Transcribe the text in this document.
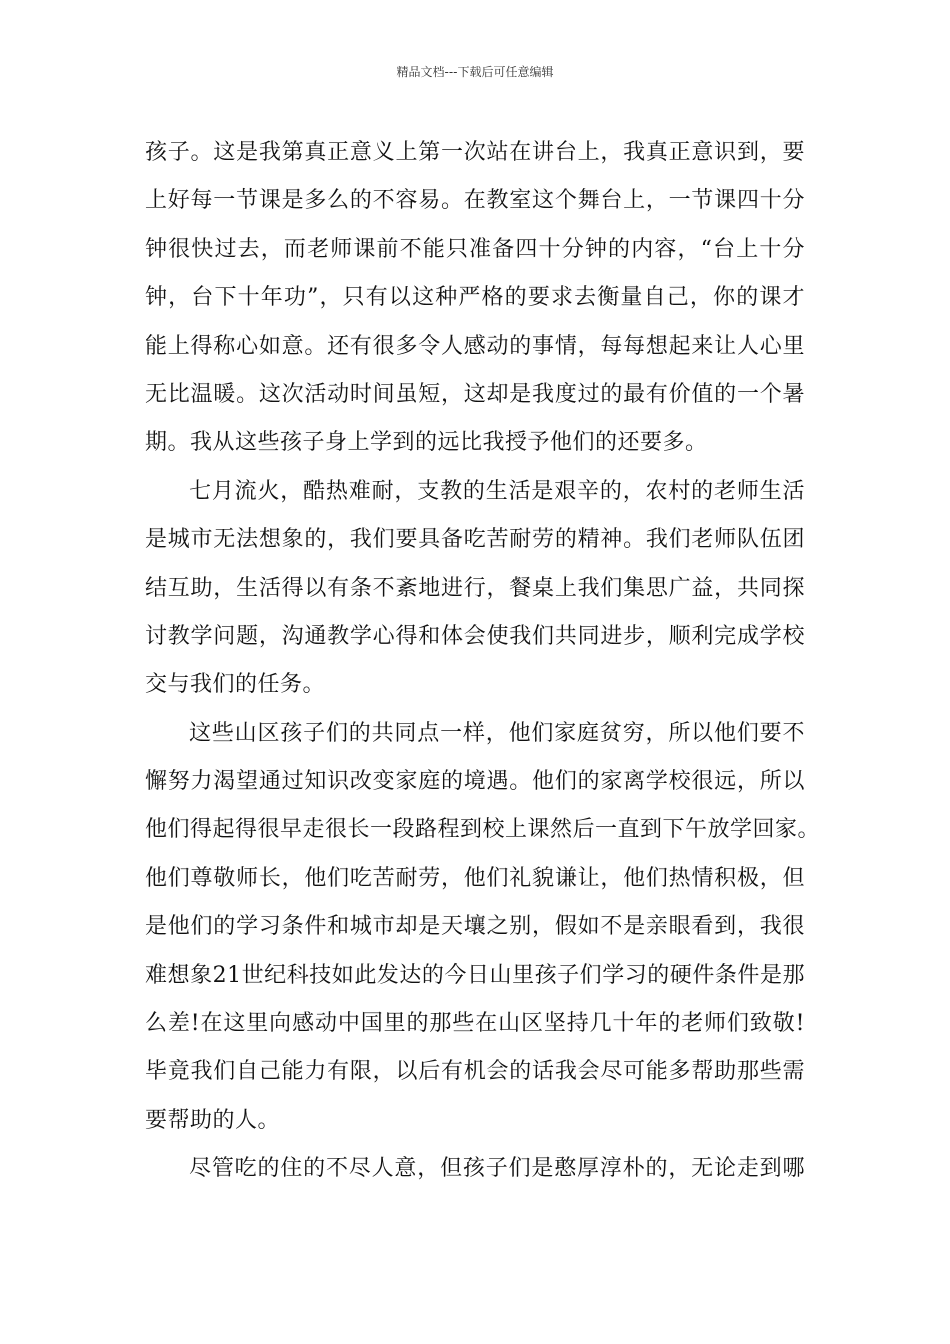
精品文档---下载后可任意编辑
孩子。这是我第真正意义上第一次站在讲台上，我真正意识到，要
上好每一节课是多么的不容易。在教室这个舞台上，一节课四十分
钟很快过去，而老师课前不能只准备四十分钟的内容，“台上十分
钟，台下十年功”，只有以这种严格的要求去衡量自己，你的课才
能上得称心如意。还有很多令人感动的事情，每每想起来让人心里
无比温暖。这次活动时间虽短，这却是我度过的最有价值的一个暑
期。我从这些孩子身上学到的远比我授予他们的还要多。
七月流火，酷热难耐，支教的生活是艰辛的，农村的老师生活
是城市无法想象的，我们要具备吃苦耐劳的精神。我们老师队伍团
结互助，生活得以有条不紊地进行，餐桌上我们集思广益，共同探
讨教学问题，沟通教学心得和体会使我们共同进步，顺利完成学校
交与我们的任务。
这些山区孩子们的共同点一样，他们家庭贫穷，所以他们要不
懈努力渴望通过知识改变家庭的境遇。他们的家离学校很远，所以
他们得起得很早走很长一段路程到校上课然后一直到下午放学回家。
他们尊敬师长，他们吃苦耐劳，他们礼貌谦让，他们热情积极，但
是他们的学习条件和城市却是天壤之别，假如不是亲眼看到，我很
难想象21世纪科技如此发达的今日山里孩子们学习的硬件条件是那
么差!在这里向感动中国里的那些在山区坚持几十年的老师们致敬!
毕竟我们自己能力有限，以后有机会的话我会尽可能多帮助那些需
要帮助的人。
尽管吃的住的不尽人意，但孩子们是憨厚淳朴的，无论走到哪
